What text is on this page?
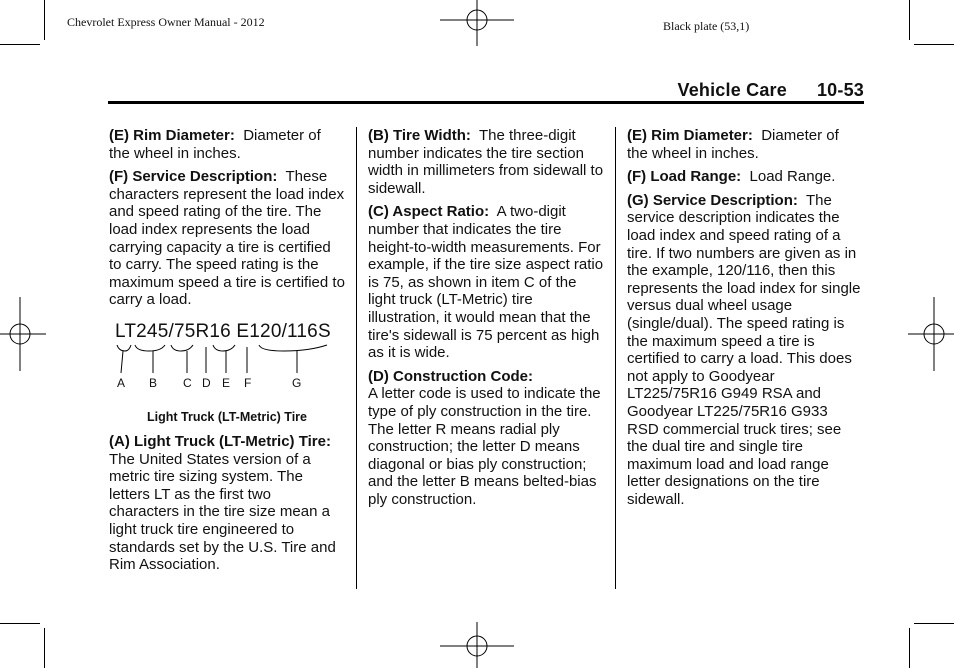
Chevrolet Express Owner Manual - 2012	Black plate (53,1)
Vehicle Care 10-53

(E) Rim Diameter: Diameter of the wheel in inches.

(F) Service Description: These characters represent the load index and speed rating of the tire. The load index represents the load carrying capacity a tire is certified to carry. The speed rating is the maximum speed a tire is certified to carry a load.

LT245/75R16 E120/116S
A B C D E F	G
Light Truck (LT-Metric) Tire

(A) Light Truck (LT-Metric) Tire:  The United States version of a metric tire sizing system. The letters LT as the first two characters in the tire size mean a light truck tire engineered to standards set by the U.S. Tire and Rim Association.

(B) Tire Width: The three-digit number indicates the tire section width in millimeters from sidewall to sidewall.

(C) Aspect Ratio: A two-digit number that indicates the tire height-to-width measurements. For example, if the tire size aspect ratio is 75, as shown in item C of the light truck (LT-Metric) tire illustration, it would mean that the tire's sidewall is 75 percent as high as it is wide.

(D) Construction Code:
A letter code is used to indicate the type of ply construction in the tire. The letter R means radial ply construction; the letter D means diagonal or bias ply construction; and the letter B means belted-bias ply construction.

(E) Rim Diameter: Diameter of the wheel in inches.

(F) Load Range: Load Range.

(G) Service Description: The service description indicates the load index and speed rating of a tire. If two numbers are given as in the example, 120/116, then this represents the load index for single versus dual wheel usage (single/dual). The speed rating is the maximum speed a tire is certified to carry a load. This does not apply to Goodyear LT225/75R16 G949 RSA and Goodyear LT225/75R16 G933 RSD commercial truck tires; see the dual tire and single tire maximum load and load range letter designations on the tire sidewall.
